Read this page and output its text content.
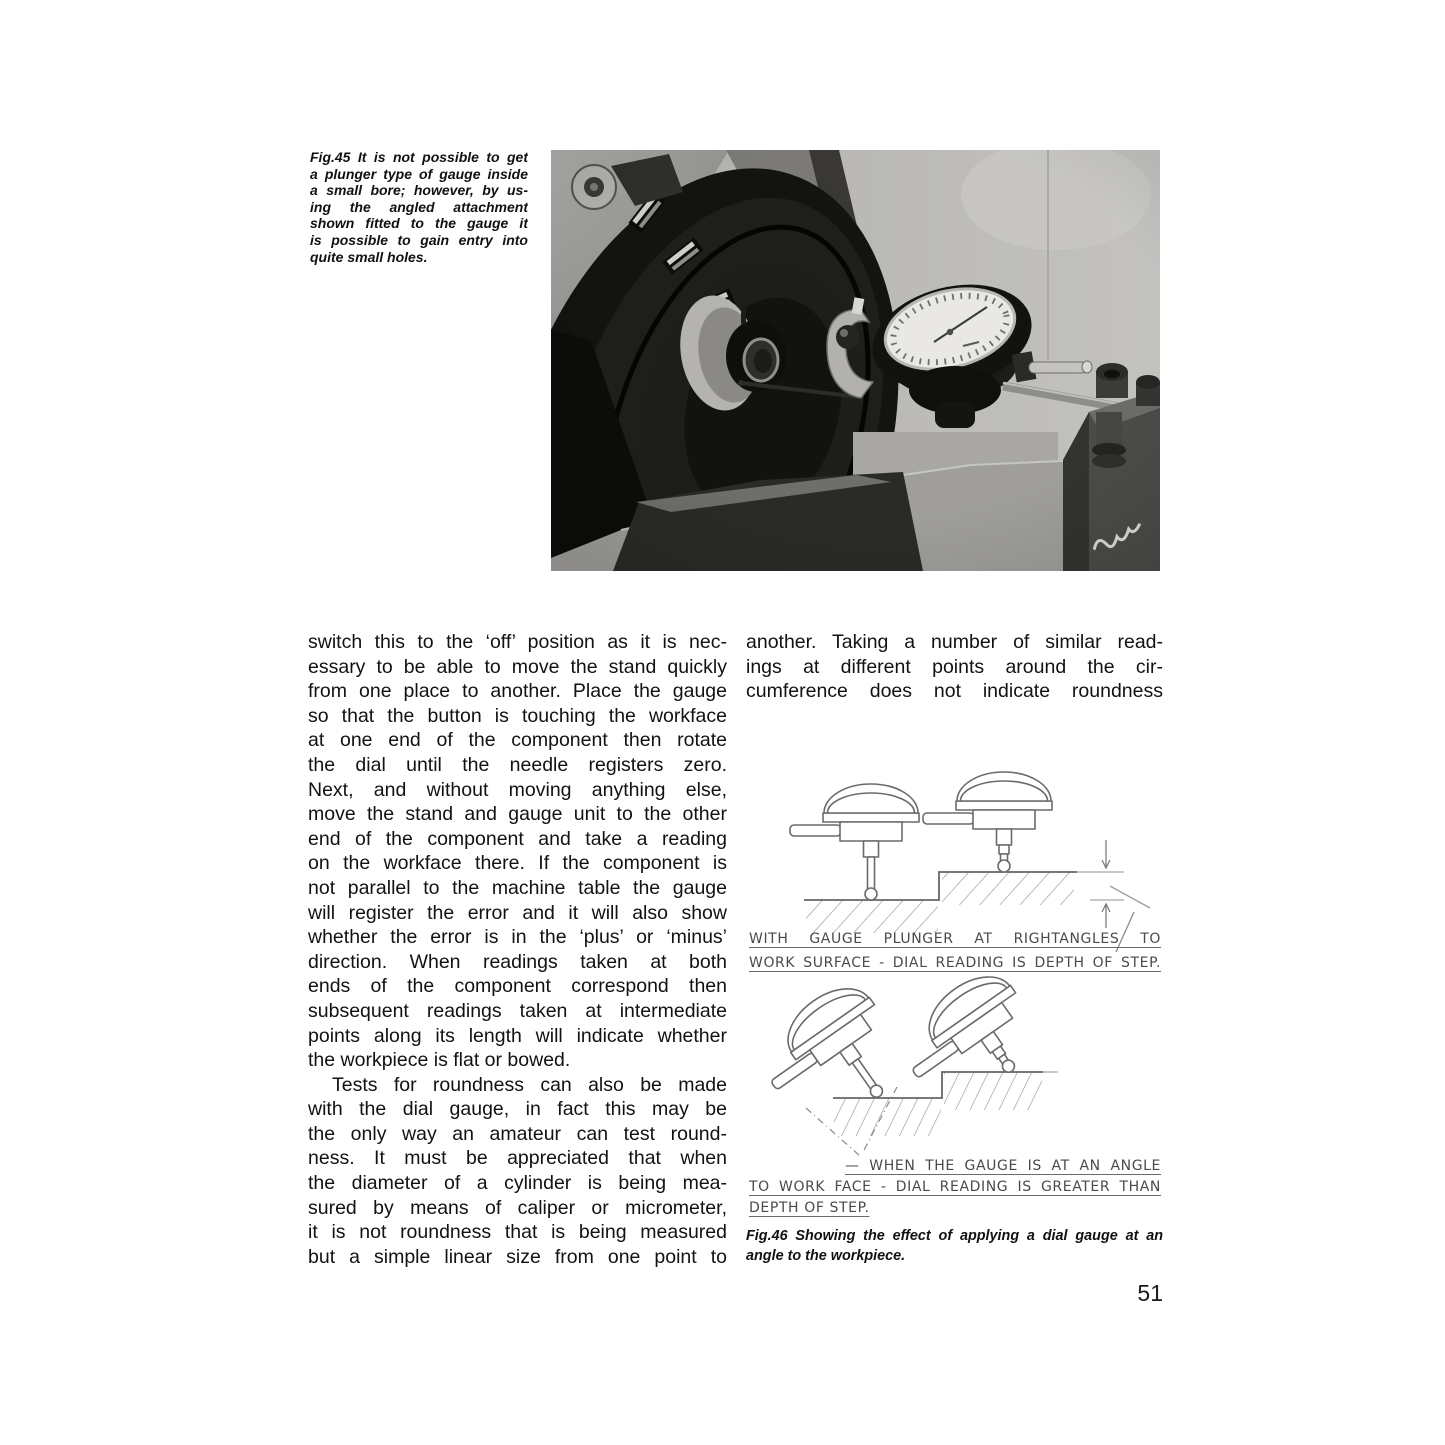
Fig.45 It is not possible to get
a plunger type of gauge inside
a small bore; however, by us-
ing the angled attachment
shown fitted to the gauge it
is possible to gain entry into
quite small holes.
switch this to the ‘off’ position as it is nec-
essary to be able to move the stand quickly
from one place to another. Place the gauge
so that the button is touching the workface
at one end of the component then rotate
the dial until the needle registers zero.
Next, and without moving anything else,
move the stand and gauge unit to the other
end of the component and take a reading
on the workface there. If the component is
not parallel to the machine table the gauge
will register the error and it will also show
whether the error is in the ‘plus’ or ‘minus’
direction. When readings taken at both
ends of the component correspond then
subsequent readings taken at intermediate
points along its length will indicate whether
the workpiece is flat or bowed.
Tests for roundness can also be made
with the dial gauge, in fact this may be
the only way an amateur can test round-
ness. It must be appreciated that when
the diameter of a cylinder is being mea-
sured by means of caliper or micrometer,
it is not roundness that is being measured
but a simple linear size from one point to
another. Taking a number of similar read-
ings at different points around the cir-
cumference does not indicate roundness
WITH GAUGE PLUNGER AT RIGHTANGLES TO
WORK SURFACE - DIAL READING IS DEPTH OF STEP.
— WHEN THE GAUGE IS AT AN ANGLE
TO WORK FACE - DIAL READING IS GREATER THAN
DEPTH OF STEP.
Fig.46 Showing the effect of applying a dial gauge at an
angle to the workpiece.
51
